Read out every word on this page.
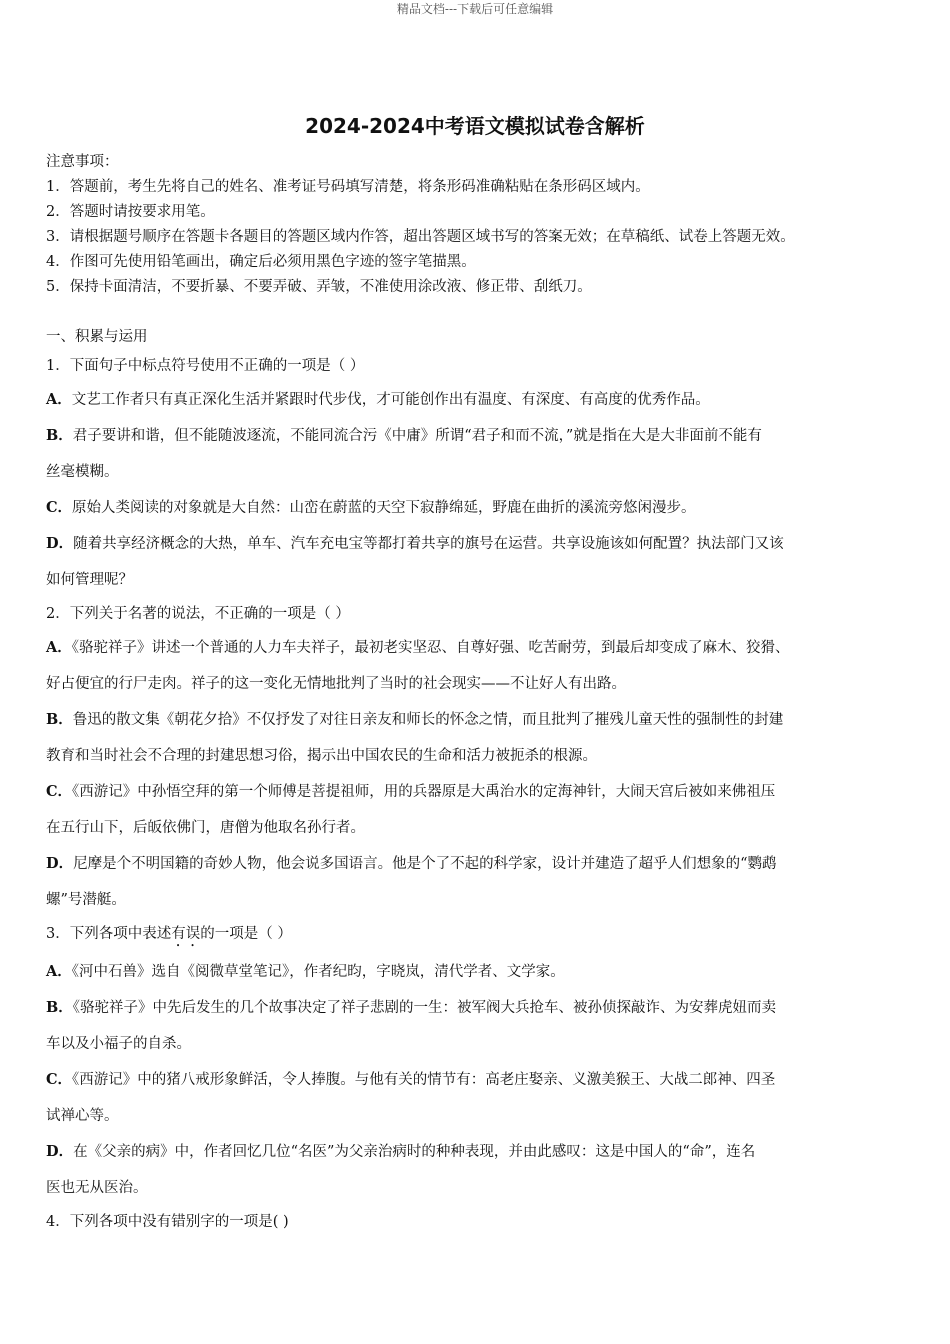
精品文档---下载后可任意编辑
2024-2024中考语文模拟试卷含解析
注意事项：
1．答题前，考生先将自己的姓名、准考证号码填写清楚，将条形码准确粘贴在条形码区域内。
2．答题时请按要求用笔。
3．请根据题号顺序在答题卡各题目的答题区域内作答，超出答题区域书写的答案无效；在草稿纸、试卷上答题无效。
4．作图可先使用铅笔画出，确定后必须用黑色字迹的签字笔描黑。
5．保持卡面清洁，不要折暴、不要弄破、弄皱，不准使用涂改液、修正带、刮纸刀。
一、积累与运用
1．下面句子中标点符号使用不正确的一项是（ ）
A．文艺工作者只有真正深化生活并紧跟时代步伐，才可能创作出有温度、有深度、有高度的优秀作品。
B．君子要讲和谐，但不能随波逐流，不能同流合污《中庸》所谓“君子和而不流，”就是指在大是大非面前不能有
丝毫模糊。
C．原始人类阅读的对象就是大自然：山峦在蔚蓝的天空下寂静绵延，野鹿在曲折的溪流旁悠闲漫步。
D．随着共享经济概念的大热，单车、汽车充电宝等都打着共享的旗号在运营。共享设施该如何配置？执法部门又该
如何管理呢？
2．下列关于名著的说法，不正确的一项是（ ）
A．《骆驼祥子》讲述一个普通的人力车夫祥子，最初老实坚忍、自尊好强、吃苦耐劳，到最后却变成了麻木、狡猾、
好占便宜的行尸走肉。祥子的这一变化无情地批判了当时的社会现实——不让好人有出路。
B．鲁迅的散文集《朝花夕拾》不仅抒发了对往日亲友和师长的怀念之情，而且批判了摧残儿童天性的强制性的封建
教育和当时社会不合理的封建思想习俗，揭示出中国农民的生命和活力被扼杀的根源。
C．《西游记》中孙悟空拜的第一个师傅是菩提祖师，用的兵器原是大禹治水的定海神针，大闹天宫后被如来佛祖压
在五行山下，后皈依佛门，唐僧为他取名孙行者。
D．尼摩是个不明国籍的奇妙人物，他会说多国语言。他是个了不起的科学家，设计并建造了超乎人们想象的“鹦鹉
螺”号潜艇。
3．下列各项中表述有误的一项是（ ）
A．《河中石兽》选自《阅微草堂笔记》，作者纪昀，字晓岚，清代学者、文学家。
B．《骆驼祥子》中先后发生的几个故事决定了祥子悲剧的一生：被军阀大兵抢车、被孙侦探敲诈、为安葬虎妞而卖
车以及小福子的自杀。
C．《西游记》中的猪八戒形象鲜活，令人捧腹。与他有关的情节有：高老庄娶亲、义激美猴王、大战二郎神、四圣
试禅心等。
D．在《父亲的病》中，作者回忆几位“名医”为父亲治病时的种种表现，并由此感叹：这是中国人的“命”，连名
医也无从医治。
4．下列各项中没有错别字的一项是( )
